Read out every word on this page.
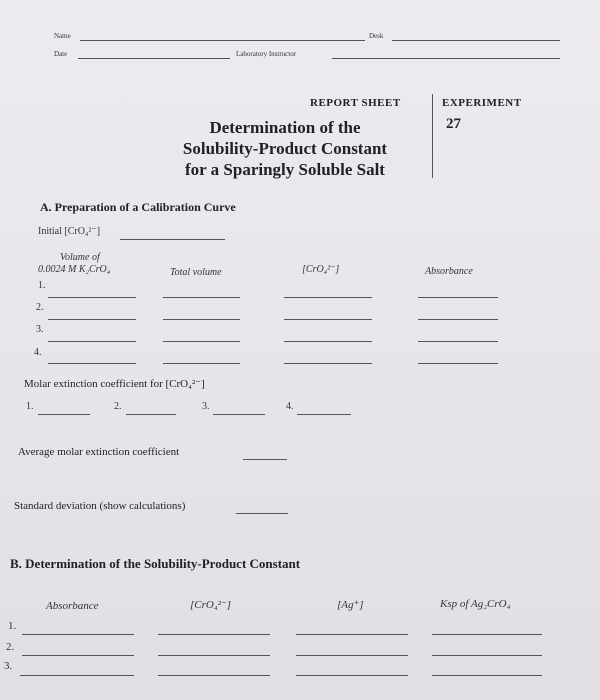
Name	Desk
Date	Laboratory Instructor
REPORT SHEET	EXPERIMENT
27
Determination of the
Solubility-Product Constant
for a Sparingly Soluble Salt
A. Preparation of a Calibration Curve
Initial [CrO₄²⁻]
Volume of
0.0024 M K₂CrO₄	Total volume	[CrO₄²⁻]	Absorbance
1.
2.
3.
4.
Molar extinction coefficient for [CrO₄²⁻]
1.	2.	3.	4.
Average molar extinction coefficient
Standard deviation (show calculations)
B. Determination of the Solubility-Product Constant
Absorbance	[CrO₄²⁻]	[Ag⁺]	Ksp of Ag₂CrO₄
1.
2.
3.
